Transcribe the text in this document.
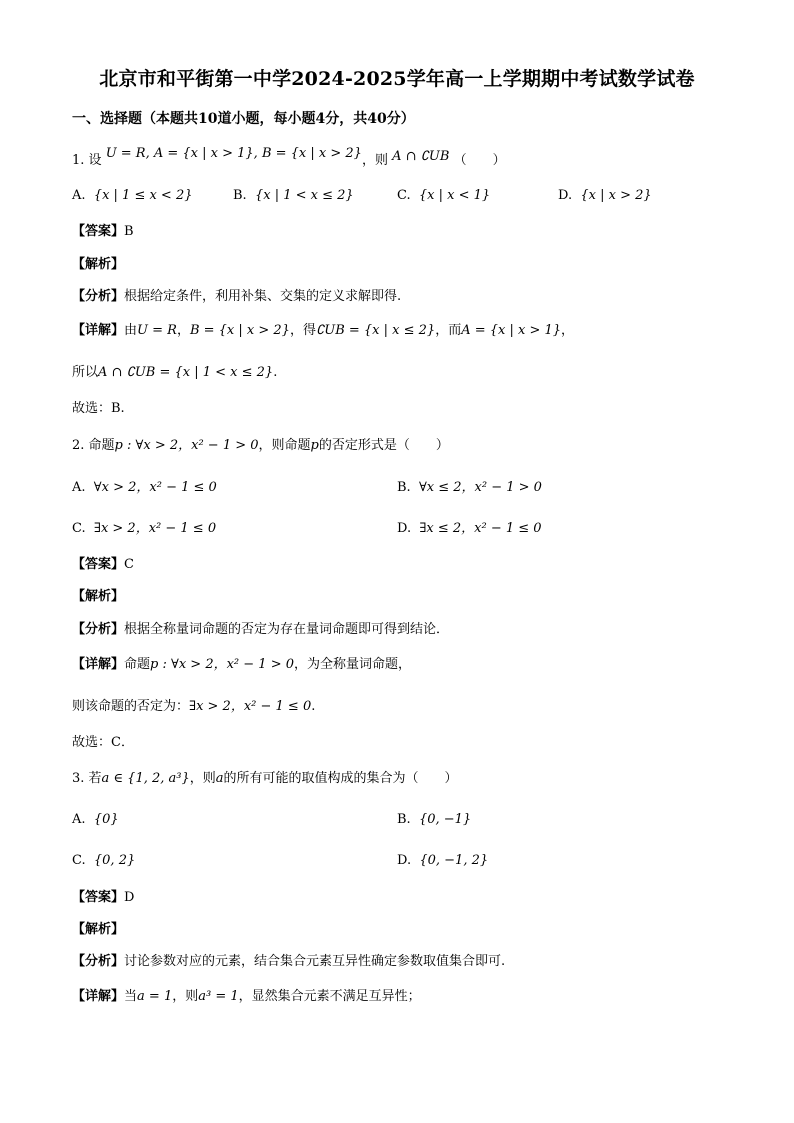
北京市和平街第一中学2024-2025学年高一上学期期中考试数学试卷
一、选择题（本题共10道小题，每小题4分，共40分）
1. 设 U = R, A = {x | x > 1}, B = {x | x > 2}，则 A ∩ ∁UB （　　）
A. {x | 1 ≤ x < 2}	B. {x | 1 < x ≤ 2}	C. {x | x < 1}	D. {x | x > 2}
【答案】B
【解析】
【分析】根据给定条件，利用补集、交集的定义求解即得.
【详解】由U = R，B = {x | x > 2}，得∁UB = {x | x ≤ 2}，而A = {x | x > 1}，
所以A ∩ ∁UB = {x | 1 < x ≤ 2}.
故选：B.
2. 命题p : ∀x > 2，x² − 1 > 0，则命题p的否定形式是（　　）
A. ∀x > 2，x² − 1 ≤ 0	B. ∀x ≤ 2，x² − 1 > 0
C. ∃x > 2，x² − 1 ≤ 0	D. ∃x ≤ 2，x² − 1 ≤ 0
【答案】C
【解析】
【分析】根据全称量词命题的否定为存在量词命题即可得到结论．
【详解】命题p : ∀x > 2，x² − 1 > 0，为全称量词命题，
则该命题的否定为：∃x > 2，x² − 1 ≤ 0.
故选：C．
3. 若a ∈ {1, 2, a³}，则a的所有可能的取值构成的集合为（　　）
A. {0}	B. {0, −1}
C. {0, 2}	D. {0, −1, 2}
【答案】D
【解析】
【分析】讨论参数对应的元素，结合集合元素互异性确定参数取值集合即可.
【详解】当a = 1，则a³ = 1，显然集合元素不满足互异性；
